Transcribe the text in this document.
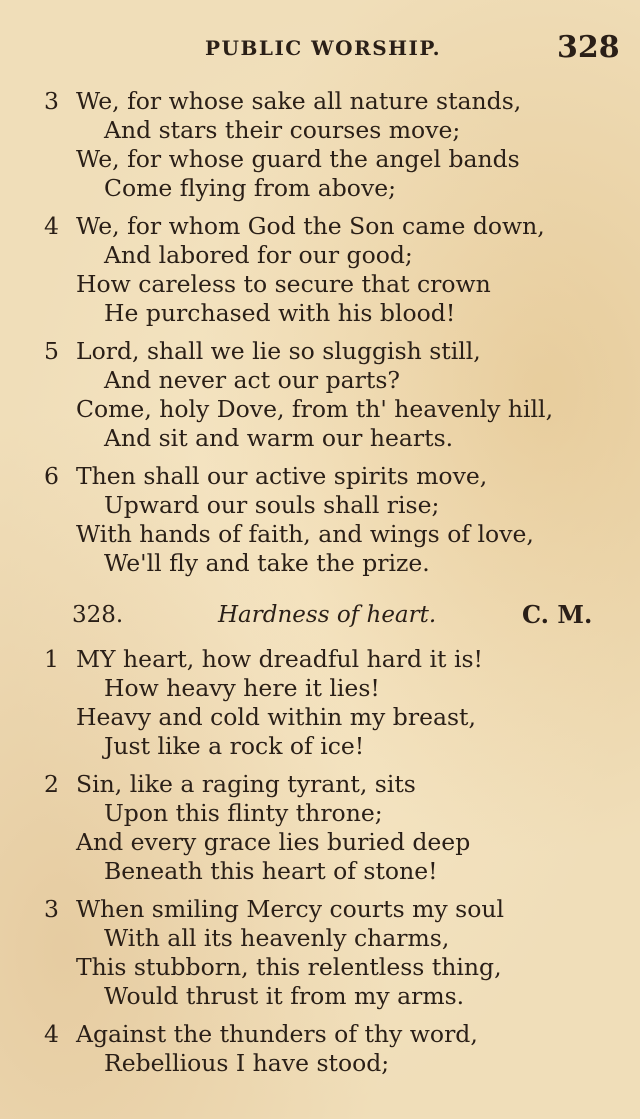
PUBLIC WORSHIP.	328
3 We, for whose sake all nature stands,
And stars their courses move;
We, for whose guard the angel bands
Come flying from above;
4 We, for whom God the Son came down,
And labored for our good;
How careless to secure that crown
He purchased with his blood!
5 Lord, shall we lie so sluggish still,
And never act our parts?
Come, holy Dove, from th' heavenly hill,
And sit and warm our hearts.
6 Then shall our active spirits move,
Upward our souls shall rise;
With hands of faith, and wings of love,
We'll fly and take the prize.
328.	Hardness of heart.	C. M.
1 MY heart, how dreadful hard it is!
How heavy here it lies!
Heavy and cold within my breast,
Just like a rock of ice!
2 Sin, like a raging tyrant, sits
Upon this flinty throne;
And every grace lies buried deep
Beneath this heart of stone!
3 When smiling Mercy courts my soul
With all its heavenly charms,
This stubborn, this relentless thing,
Would thrust it from my arms.
4 Against the thunders of thy word,
Rebellious I have stood;
